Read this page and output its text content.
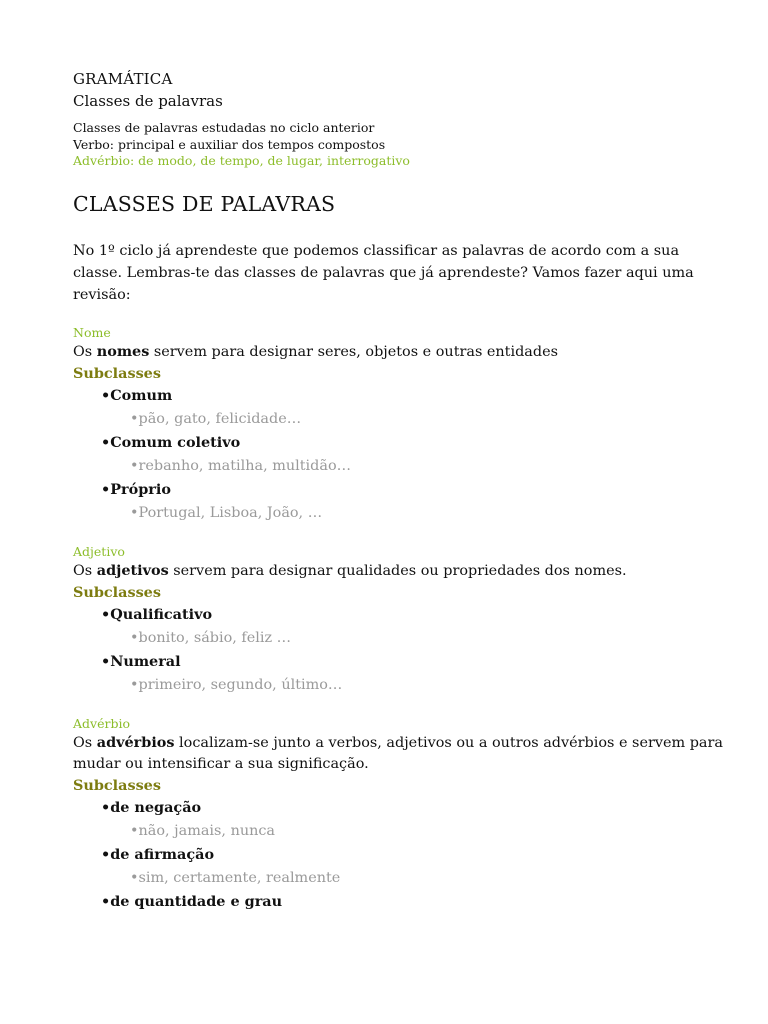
GRAMÁTICA
Classes de palavras
Classes de palavras estudadas no ciclo anterior
Verbo: principal e auxiliar dos tempos compostos
Advérbio: de modo, de tempo, de lugar, interrogativo
CLASSES DE PALAVRAS
No 1º ciclo já aprendeste que podemos classificar as palavras de acordo com a sua classe. Lembras-te das classes de palavras que já aprendeste? Vamos fazer aqui uma revisão:
Nome
Os nomes servem para designar seres, objetos e outras entidades
Subclasses
• Comum
• pão, gato, felicidade…
• Comum coletivo
• rebanho, matilha, multidão…
• Próprio
• Portugal, Lisboa, João, …
Adjetivo
Os adjetivos servem para designar qualidades ou propriedades dos nomes.
Subclasses
• Qualificativo
• bonito, sábio, feliz …
• Numeral
• primeiro, segundo, último…
Advérbio
Os advérbios localizam-se junto a verbos, adjetivos ou a outros advérbios e servem para mudar ou intensificar a sua significação.
Subclasses
• de negação
• não, jamais, nunca
• de afirmação
• sim, certamente, realmente
• de quantidade e grau
